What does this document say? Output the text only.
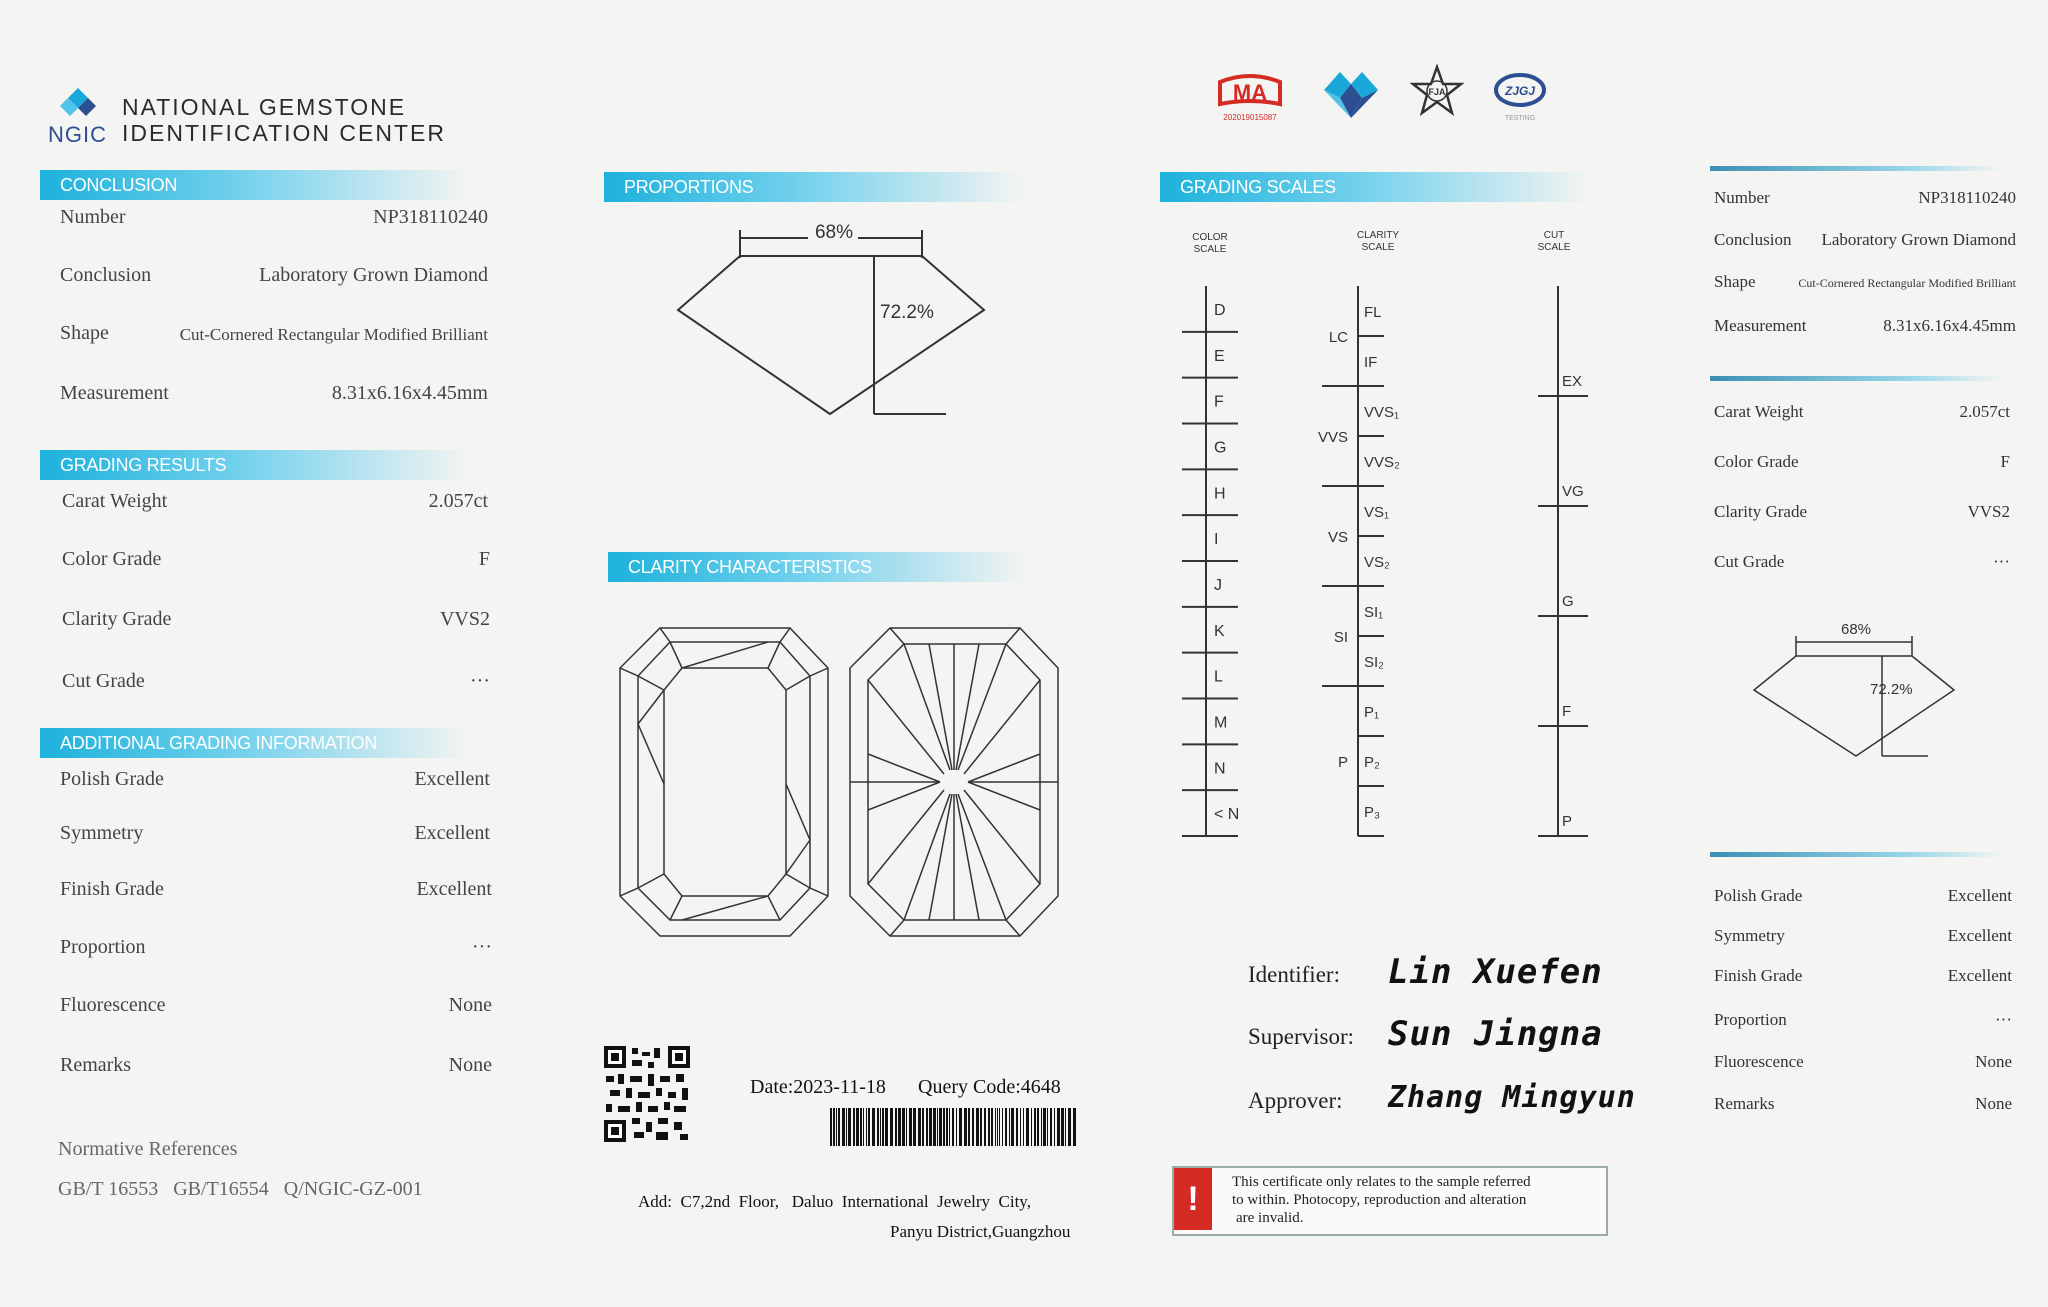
NGIC
NATIONAL GEMSTONE
IDENTIFICATION CENTER
MA
202019015087
FJA	ZJGJ
TESTING
CONCLUSION
Number	NP318110240
Conclusion	Laboratory Grown Diamond
Shape	Cut-Cornered Rectangular Modified Brilliant
Measurement	8.31x6.16x4.45mm
GRADING RESULTS
Carat Weight	2.057ct
Color Grade	F
Clarity Grade	VVS2
Cut Grade	···
ADDITIONAL GRADING INFORMATION
Polish Grade	Excellent
Symmetry	Excellent
Finish Grade	Excellent
Proportion	···
Fluorescence	None
Remarks	None
Normative References
GB/T 16553   GB/T16554   Q/NGIC-GZ-001
PROPORTIONS
68%
72.2%
CLARITY CHARACTERISTICS
Date:2023-11-18 Query Code:4648
Add:  C7,2nd  Floor,   Daluo  International  Jewelry  City,
Panyu District,Guangzhou
GRADING SCALES
COLOR
SCALE
CLARITY
SCALE
CUT
SCALE
D
E
F
G
H
I
J
K
L
M
N
< N
FL
IF
VVS₁
VVS₂
VS₁
VS₂
SI₁
SI₂
P₁
P₂
P₃
LC
VVS
VS
SI
P
EX
VG
G
F
P
Identifier: Lin Xuefen
Supervisor: Sun Jingna
Approver: Zhang Mingyun
!	This certificate only relates to the sample referred
to within. Photocopy, reproduction and alteration
are invalid.
Number	NP318110240
Conclusion Laboratory Grown Diamond
Shape	Cut-Cornered Rectangular Modified Brilliant
Measurement	8.31x6.16x4.45mm
Carat Weight	2.057ct
Color Grade	F
Clarity Grade	VVS2
Cut Grade	···
68%
72.2%
Polish Grade	Excellent
Symmetry	Excellent
Finish Grade	Excellent
Proportion	···
Fluorescence	None
Remarks	None
